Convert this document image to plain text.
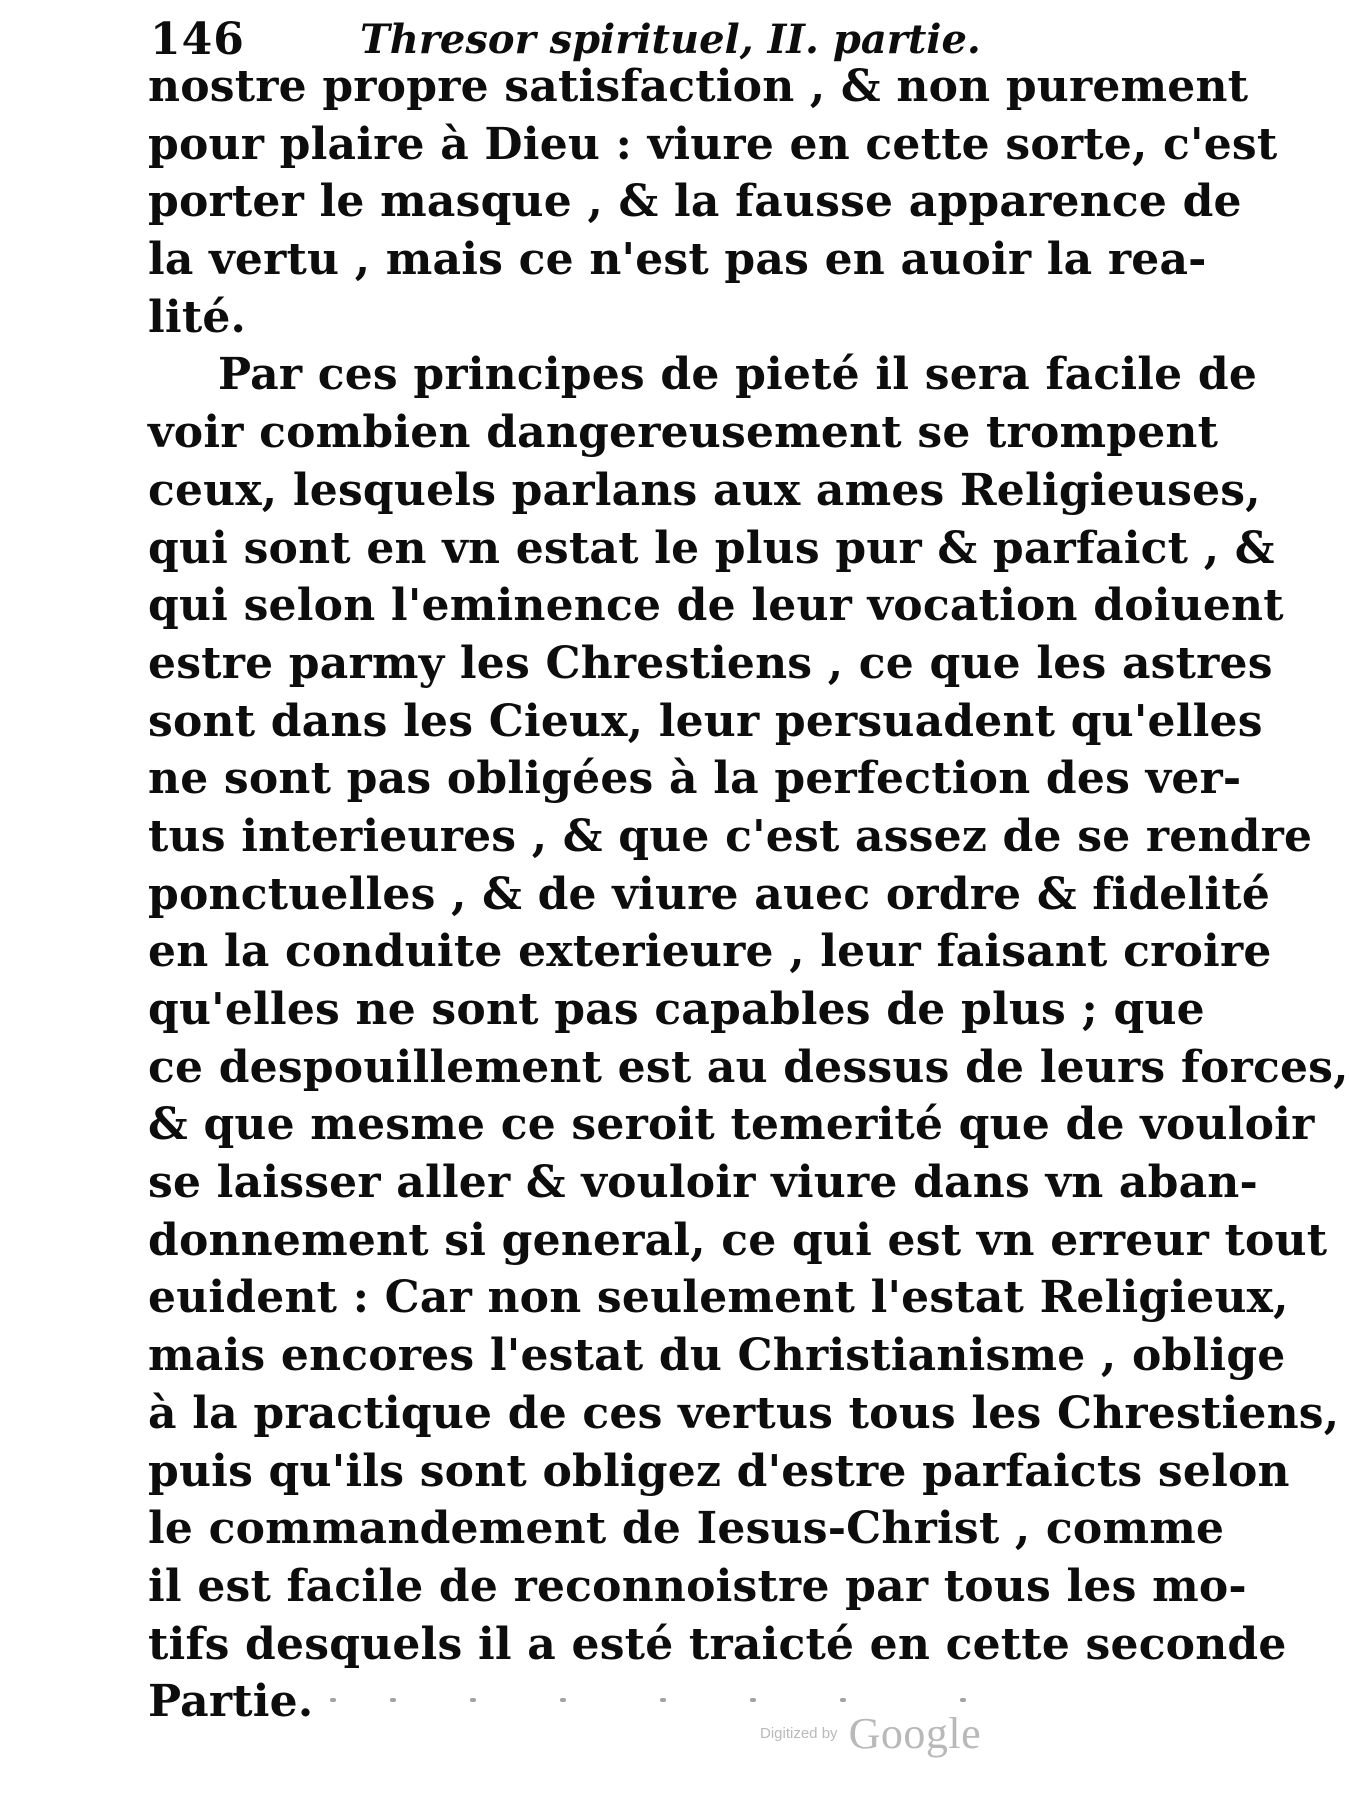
146	Thresor spirituel, II. partie.
nostre propre satisfaction , & non purement
pour plaire à Dieu : viure en cette sorte, c'est
porter le masque , & la fausse apparence de
la vertu , mais ce n'est pas en auoir la rea-
lité.
Par ces principes de pieté il sera facile de
voir combien dangereusement se trompent
ceux, lesquels parlans aux ames Religieuses,
qui sont en vn estat le plus pur & parfaict , &
qui selon l'eminence de leur vocation doiuent
estre parmy les Chrestiens , ce que les astres
sont dans les Cieux, leur persuadent qu'elles
ne sont pas obligées à la perfection des ver-
tus interieures , & que c'est assez de se rendre
ponctuelles , & de viure auec ordre & fidelité
en la conduite exterieure , leur faisant croire
qu'elles ne sont pas capables de plus ; que
ce despouillement est au dessus de leurs forces,
& que mesme ce seroit temerité que de vouloir
se laisser aller & vouloir viure dans vn aban-
donnement si general, ce qui est vn erreur tout
euident : Car non seulement l'estat Religieux,
mais encores l'estat du Christianisme , oblige
à la practique de ces vertus tous les Chrestiens,
puis qu'ils sont obligez d'estre parfaicts selon
le commandement de Iesus-Christ , comme
il est facile de reconnoistre par tous les mo-
tifs desquels il a esté traicté en cette seconde
Partie.
Digitized by Google
